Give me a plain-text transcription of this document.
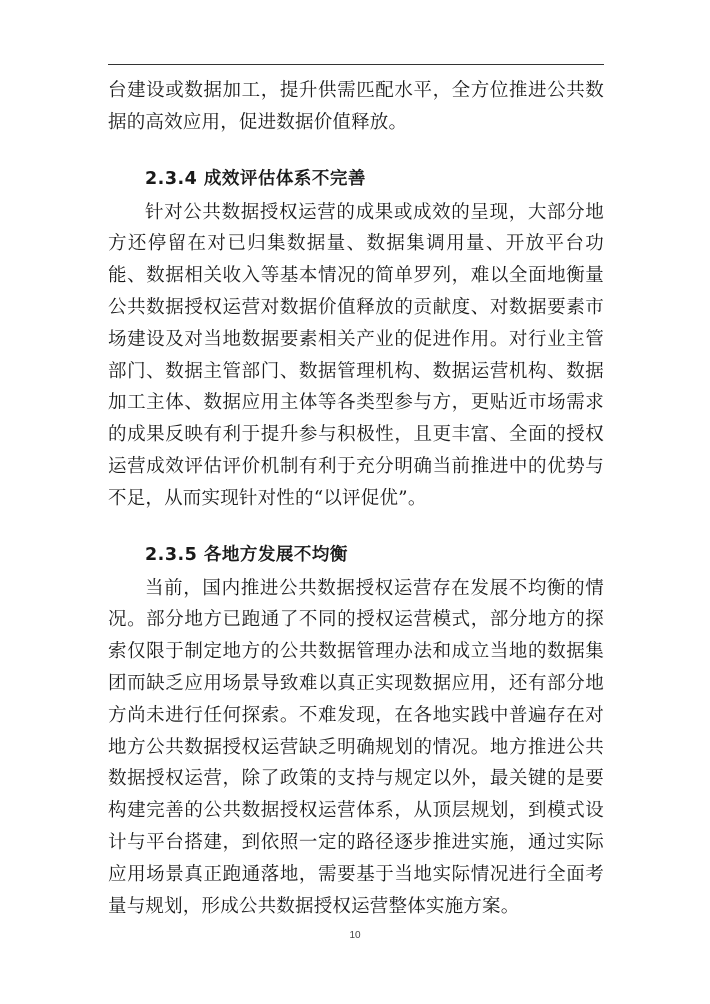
台建设或数据加工，提升供需匹配水平，全方位推进公共数据的高效应用，促进数据价值释放。

2.3.4 成效评估体系不完善

针对公共数据授权运营的成果或成效的呈现，大部分地方还停留在对已归集数据量、数据集调用量、开放平台功能、数据相关收入等基本情况的简单罗列，难以全面地衡量公共数据授权运营对数据价值释放的贡献度、对数据要素市场建设及对当地数据要素相关产业的促进作用。对行业主管部门、数据主管部门、数据管理机构、数据运营机构、数据加工主体、数据应用主体等各类型参与方，更贴近市场需求的成果反映有利于提升参与积极性，且更丰富、全面的授权运营成效评估评价机制有利于充分明确当前推进中的优势与不足，从而实现针对性的“以评促优”。

2.3.5 各地方发展不均衡

当前，国内推进公共数据授权运营存在发展不均衡的情况。部分地方已跑通了不同的授权运营模式，部分地方的探索仅限于制定地方的公共数据管理办法和成立当地的数据集团而缺乏应用场景导致难以真正实现数据应用，还有部分地方尚未进行任何探索。不难发现，在各地实践中普遍存在对地方公共数据授权运营缺乏明确规划的情况。地方推进公共数据授权运营，除了政策的支持与规定以外，最关键的是要构建完善的公共数据授权运营体系，从顶层规划，到模式设计与平台搭建，到依照一定的路径逐步推进实施，通过实际应用场景真正跑通落地，需要基于当地实际情况进行全面考量与规划，形成公共数据授权运营整体实施方案。

10
